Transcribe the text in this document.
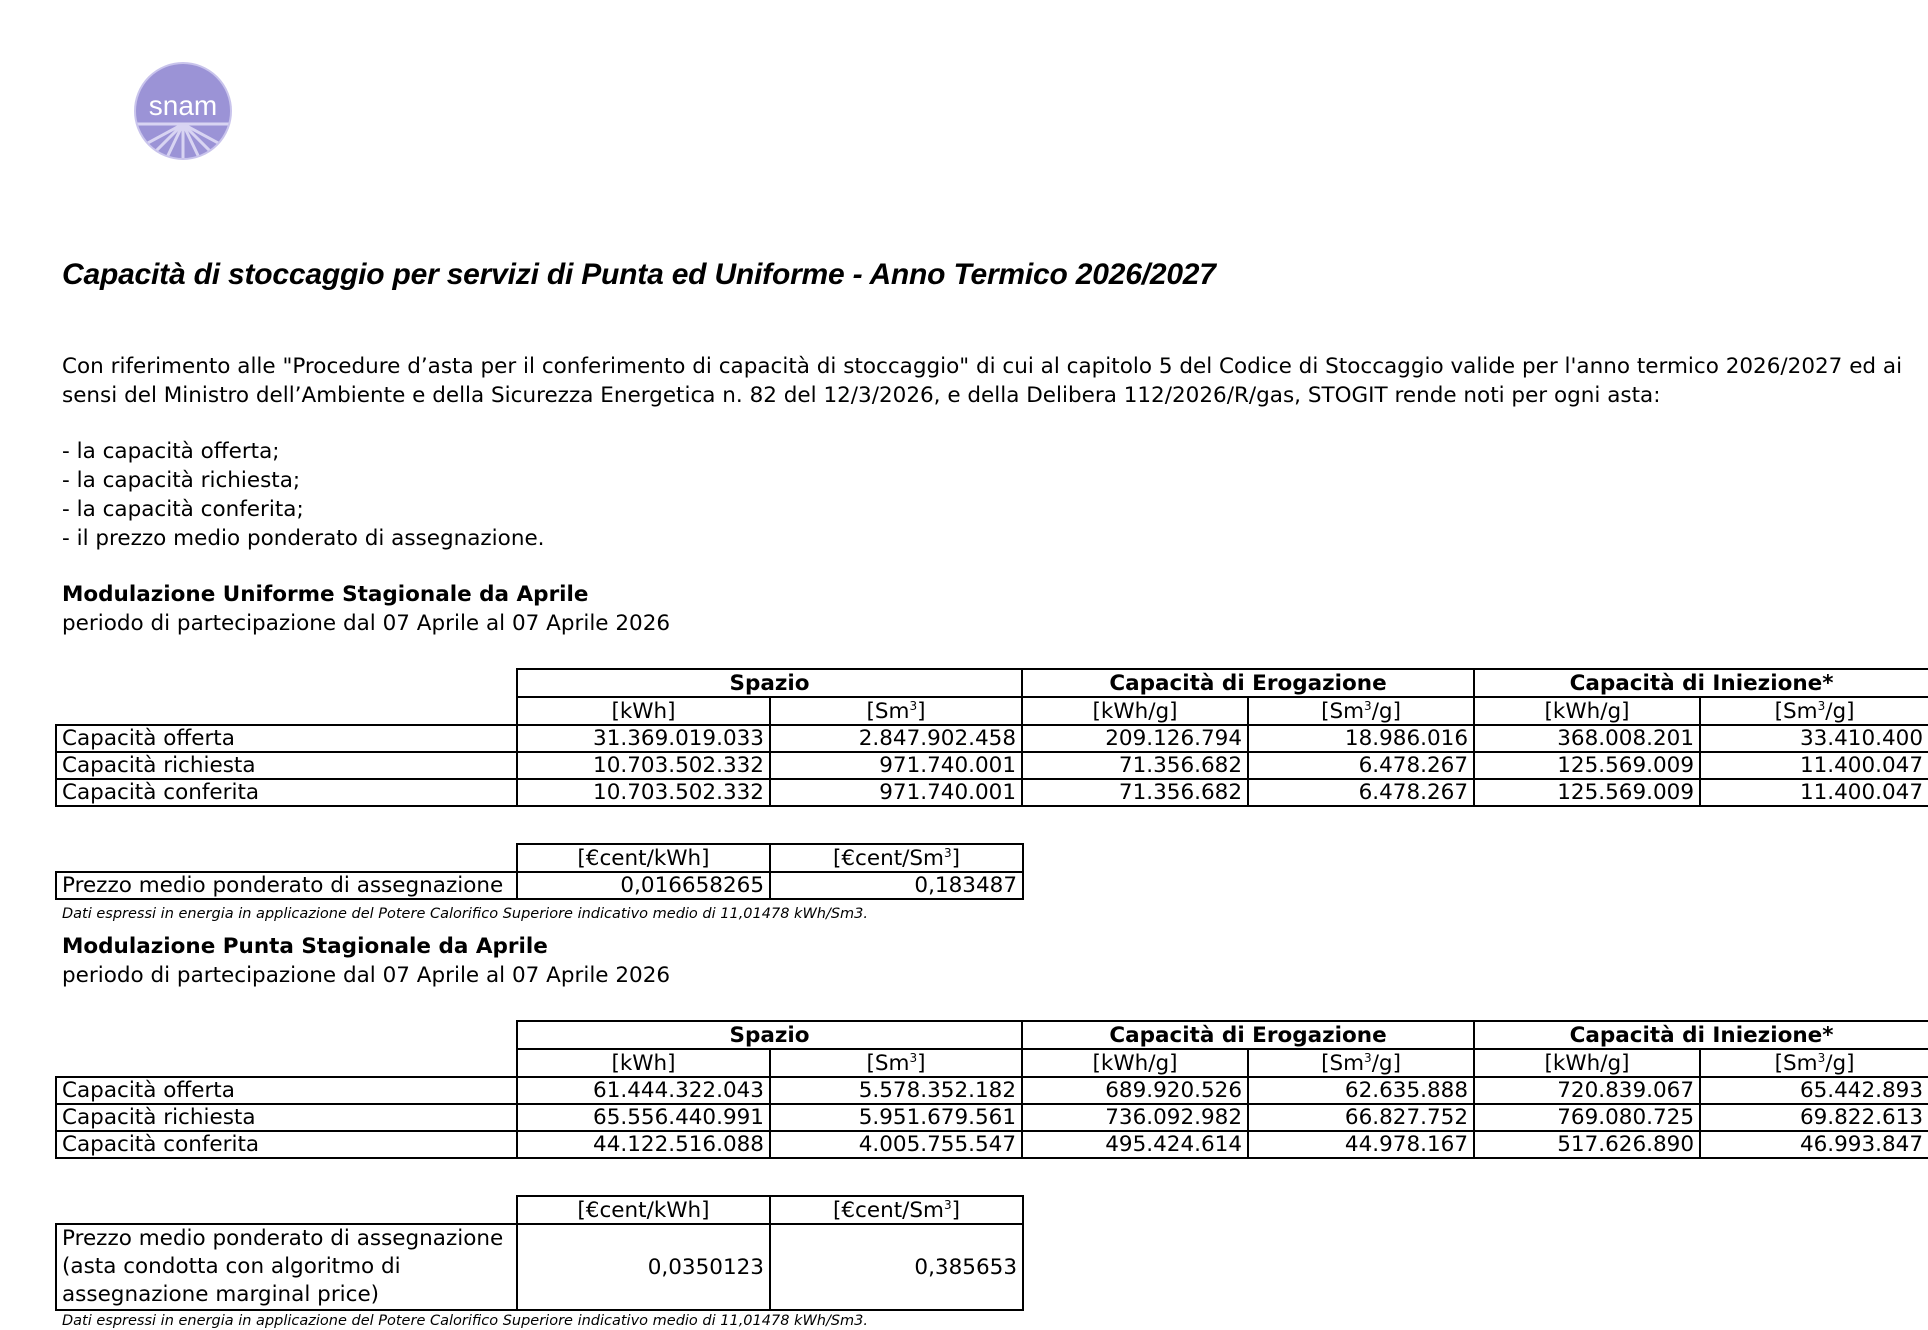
snam
Capacità di stoccaggio per servizi di Punta ed Uniforme - Anno Termico 2026/2027
Con riferimento alle "Procedure d’asta per il conferimento di capacità di stoccaggio" di cui al capitolo 5 del Codice di Stoccaggio valide per l'anno termico 2026/2027 ed ai
sensi del Ministro dell’Ambiente e della Sicurezza Energetica n. 82 del 12/3/2026, e della Delibera 112/2026/R/gas, STOGIT rende noti per ogni asta:
- la capacità offerta;
- la capacità richiesta;
- la capacità conferita;
- il prezzo medio ponderato di assegnazione.
Modulazione Uniforme Stagionale da Aprile
periodo di partecipazione dal 07 Aprile al 07 Aprile 2026
	Spazio		Capacità di Erogazione		Capacità di Iniezione*	
	[kWh]	[Sm$^3$]	[kWh/g]	[Sm$^3$/g]	[kWh/g]	[Sm$^3$/g]
Capacità offerta	31.369.019.033	2.847.902.458	209.126.794	18.986.016	368.008.201	33.410.400
Capacità richiesta	10.703.502.332	971.740.001	71.356.682	6.478.267	125.569.009	11.400.047
Capacità conferita	10.703.502.332	971.740.001	71.356.682	6.478.267	125.569.009	11.400.047
	[€cent/kWh]	[€cent/Sm$^3$]
Prezzo medio ponderato di assegnazione	0,016658265	0,183487
Dati espressi in energia in applicazione del Potere Calorifico Superiore indicativo medio di 11,01478 kWh/Sm3.
Modulazione Punta Stagionale da Aprile
periodo di partecipazione dal 07 Aprile al 07 Aprile 2026
	Spazio		Capacità di Erogazione		Capacità di Iniezione*	
	[kWh]	[Sm$^3$]	[kWh/g]	[Sm$^3$/g]	[kWh/g]	[Sm$^3$/g]
Capacità offerta	61.444.322.043	5.578.352.182	689.920.526	62.635.888	720.839.067	65.442.893
Capacità richiesta	65.556.440.991	5.951.679.561	736.092.982	66.827.752	769.080.725	69.822.613
Capacità conferita	44.122.516.088	4.005.755.547	495.424.614	44.978.167	517.626.890	46.993.847
	[€cent/kWh]	[€cent/Sm$^3$]
Prezzo medio ponderato di assegnazione (asta condotta con algoritmo di assegnazione marginal price)	0,0350123	0,385653
Dati espressi in energia in applicazione del Potere Calorifico Superiore indicativo medio di 11,01478 kWh/Sm3.
